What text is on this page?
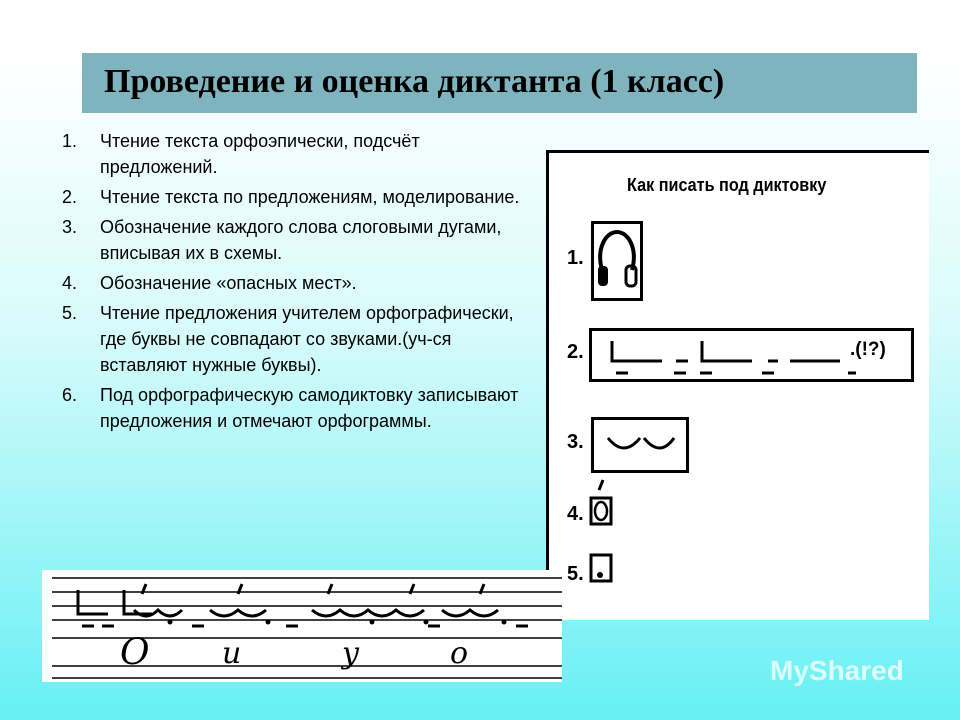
Проведение и оценка диктанта (1 класс)
1. Чтение текста орфоэпически, подсчёт предложений.
2. Чтение текста по предложениям, моделирование.
3. Обозначение каждого слова слоговыми дугами, вписывая их в схемы.
4. Обозначение «опасных мест».
5. Чтение предложения учителем орфографически, где буквы не совпадают со звуками.(уч-ся вставляют нужные буквы).
6. Под орфографическую самодиктовку записывают предложения и отмечают орфограммы.
Как писать под диктовку
1.
2.	.(!?)
3.
4.
5.
О и	у	о	MyShared
